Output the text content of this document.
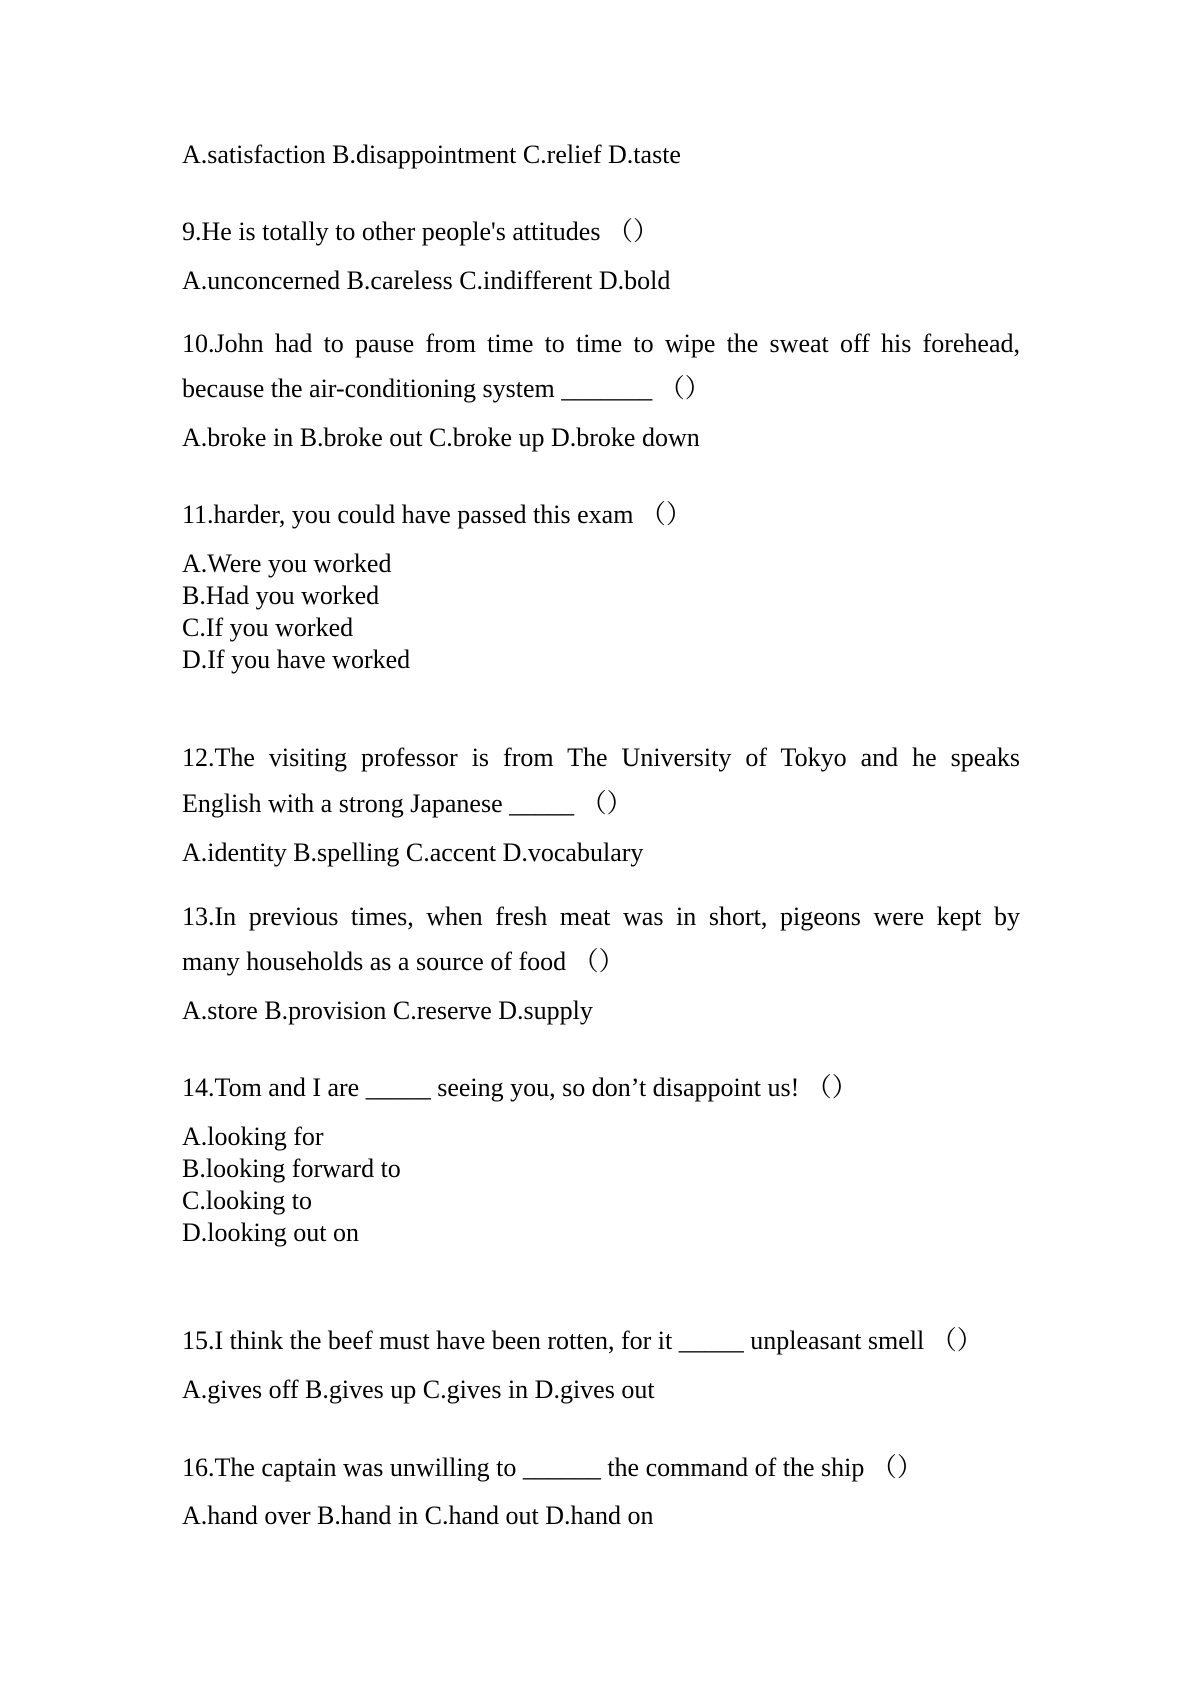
A.satisfaction B.disappointment C.relief D.taste
9.He is totally to other people's attitudes （）
A.unconcerned B.careless C.indifferent D.bold
10.John had to pause from time to time to wipe the sweat off his forehead,
because the air-conditioning system _______ （）
A.broke in B.broke out C.broke up D.broke down
11.harder, you could have passed this exam （）
A.Were you worked
B.Had you worked
C.If you worked
D.If you have worked
12.The visiting professor is from The University of Tokyo and he speaks
English with a strong Japanese _____ （）
A.identity B.spelling C.accent D.vocabulary
13.In previous times, when fresh meat was in short, pigeons were kept by
many households as a source of food （）
A.store B.provision C.reserve D.supply
14.Tom and I are _____ seeing you, so don’t disappoint us! （）
A.looking for
B.looking forward to
C.looking to
D.looking out on
15.I think the beef must have been rotten, for it _____ unpleasant smell （）
A.gives off B.gives up C.gives in D.gives out
16.The captain was unwilling to ______ the command of the ship （）
A.hand over B.hand in C.hand out D.hand on
